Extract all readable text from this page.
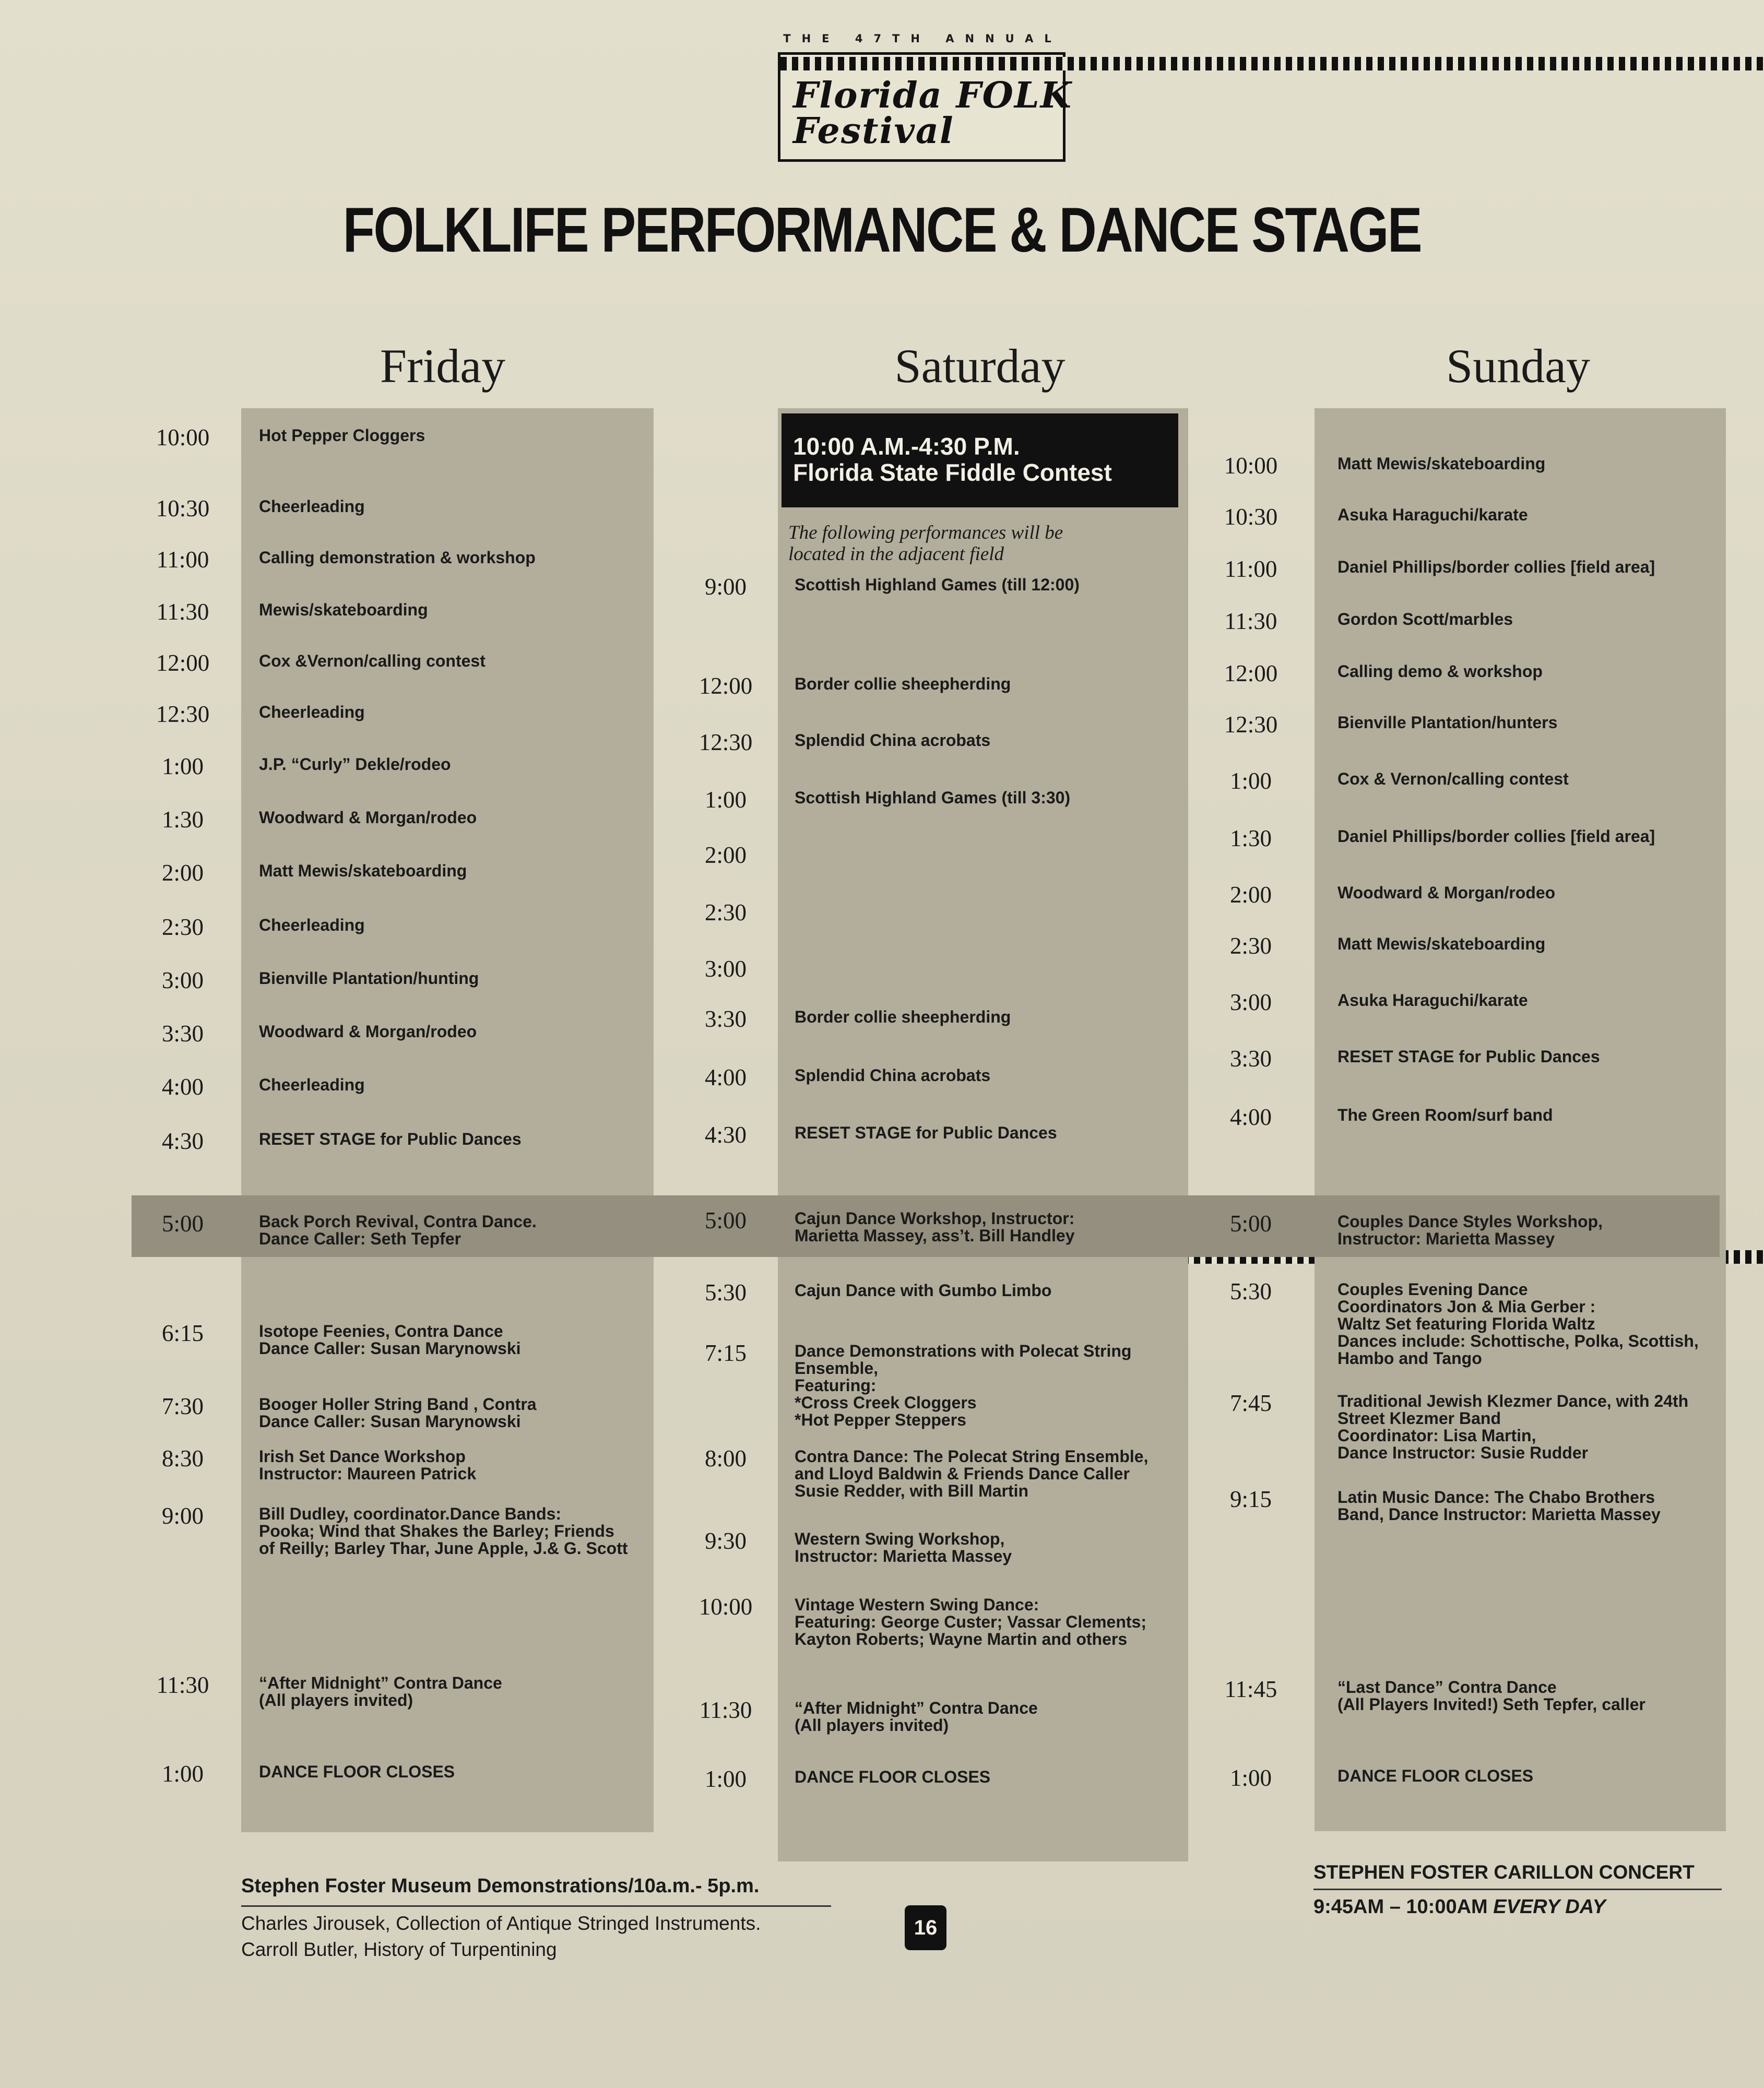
THE 47TH ANNUAL
Florida FOLK
Festival
FOLKLIFE PERFORMANCE & DANCE STAGE
Friday	Saturday	Sunday
10:00 A.M.-4:30 P.M.
Florida State Fiddle Contest
The following performances will be
located in the adjacent field
10:00	Hot Pepper Cloggers
10:30	Cheerleading
11:00	Calling demonstration & workshop
11:30	Mewis/skateboarding
12:00	Cox &Vernon/calling contest
12:30	Cheerleading
1:00	J.P. “Curly” Dekle/rodeo
1:30	Woodward & Morgan/rodeo
2:00	Matt Mewis/skateboarding
2:30	Cheerleading
3:00	Bienville Plantation/hunting
3:30	Woodward & Morgan/rodeo
4:00	Cheerleading
4:30	RESET STAGE for Public Dances
5:00	Back Porch Revival, Contra Dance.
Dance Caller: Seth Tepfer
6:15	Isotope Feenies, Contra Dance
Dance Caller: Susan Marynowski
7:30	Booger Holler String Band , Contra
Dance Caller: Susan Marynowski
8:30	Irish Set Dance Workshop
Instructor: Maureen Patrick
9:00	Bill Dudley, coordinator.Dance Bands:
Pooka; Wind that Shakes the Barley; Friends
of Reilly; Barley Thar, June Apple, J.& G. Scott
11:30	“After Midnight” Contra Dance
(All players invited)
1:00	DANCE FLOOR CLOSES
9:00	Scottish Highland Games (till 12:00)
12:00	Border collie sheepherding
12:30	Splendid China acrobats
1:00	Scottish Highland Games (till 3:30)
2:00
2:30
3:00
3:30	Border collie sheepherding
4:00	Splendid China acrobats
4:30	RESET STAGE for Public Dances
5:00	Cajun Dance Workshop, Instructor:
Marietta Massey, ass’t. Bill Handley
5:30	Cajun Dance with Gumbo Limbo
7:15	Dance Demonstrations with Polecat String
Ensemble,
Featuring:
*Cross Creek Cloggers
*Hot Pepper Steppers
8:00	Contra Dance: The Polecat String Ensemble,
and Lloyd Baldwin & Friends Dance Caller
Susie Redder, with Bill Martin
9:30	Western Swing Workshop,
Instructor: Marietta Massey
10:00	Vintage Western Swing Dance:
Featuring: George Custer; Vassar Clements;
Kayton Roberts; Wayne Martin and others
11:30	“After Midnight” Contra Dance
(All players invited)
1:00	DANCE FLOOR CLOSES
10:00	Matt Mewis/skateboarding
10:30	Asuka Haraguchi/karate
11:00	Daniel Phillips/border collies [field area]
11:30	Gordon Scott/marbles
12:00	Calling demo & workshop
12:30	Bienville Plantation/hunters
1:00	Cox & Vernon/calling contest
1:30	Daniel Phillips/border collies [field area]
2:00	Woodward & Morgan/rodeo
2:30	Matt Mewis/skateboarding
3:00	Asuka Haraguchi/karate
3:30	RESET STAGE for Public Dances
4:00	The Green Room/surf band
5:00	Couples Dance Styles Workshop,
Instructor: Marietta Massey
5:30	Couples Evening Dance
Coordinators Jon & Mia Gerber :
Waltz Set featuring Florida Waltz
Dances include: Schottische, Polka, Scottish,
Hambo and Tango
7:45	Traditional Jewish Klezmer Dance, with 24th
Street Klezmer Band
Coordinator: Lisa Martin,
Dance Instructor: Susie Rudder
9:15	Latin Music Dance: The Chabo Brothers
Band, Dance Instructor: Marietta Massey
11:45	“Last Dance” Contra Dance
(All Players Invited!) Seth Tepfer, caller
1:00	DANCE FLOOR CLOSES
Stephen Foster Museum Demonstrations/10a.m.- 5p.m.
Charles Jirousek, Collection of Antique Stringed Instruments.
Carroll Butler, History of Turpentining
16
STEPHEN FOSTER CARILLON CONCERT
9:45AM – 10:00AM EVERY DAY
